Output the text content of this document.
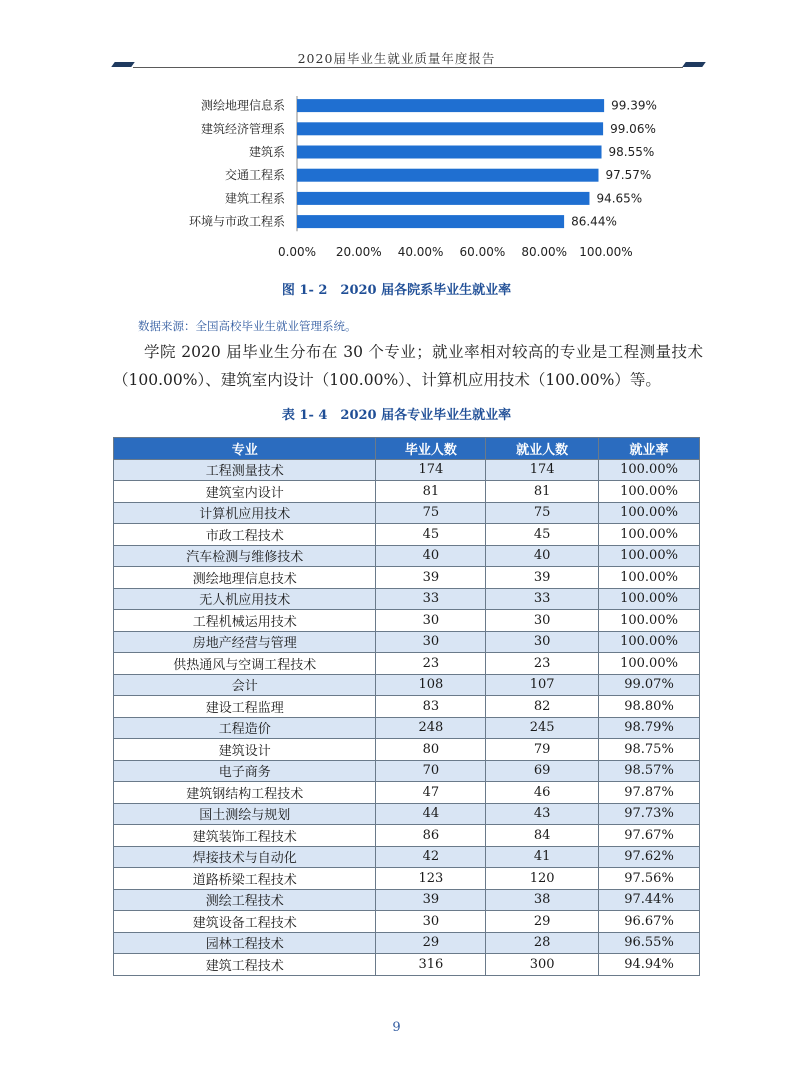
2020届毕业生就业质量年度报告
测绘地理信息系	99.39%
建筑经济管理系	99.06%
建筑系	98.55%
交通工程系	97.57%
建筑工程系	94.65%
环境与市政工程系	86.44%
0.00% 20.00% 40.00% 60.00% 80.00% 100.00%
图 1- 2　2020 届各院系毕业生就业率
数据来源：全国高校毕业生就业管理系统。
学院 2020 届毕业生分布在 30 个专业；就业率相对较高的专业是工程测量技术（100.00%）、建筑室内设计（100.00%）、计算机应用技术（100.00%）等。
表 1- 4　2020 届各专业毕业生就业率
专业	毕业人数	就业人数	就业率
工程测量技术	174	174	100.00%
建筑室内设计	81	81	100.00%
计算机应用技术	75	75	100.00%
市政工程技术	45	45	100.00%
汽车检测与维修技术	40	40	100.00%
测绘地理信息技术	39	39	100.00%
无人机应用技术	33	33	100.00%
工程机械运用技术	30	30	100.00%
房地产经营与管理	30	30	100.00%
供热通风与空调工程技术	23	23	100.00%
会计	108	107	99.07%
建设工程监理	83	82	98.80%
工程造价	248	245	98.79%
建筑设计	80	79	98.75%
电子商务	70	69	98.57%
建筑钢结构工程技术	47	46	97.87%
国土测绘与规划	44	43	97.73%
建筑装饰工程技术	86	84	97.67%
焊接技术与自动化	42	41	97.62%
道路桥梁工程技术	123	120	97.56%
测绘工程技术	39	38	97.44%
建筑设备工程技术	30	29	96.67%
园林工程技术	29	28	96.55%
建筑工程技术	316	300	94.94%
9
